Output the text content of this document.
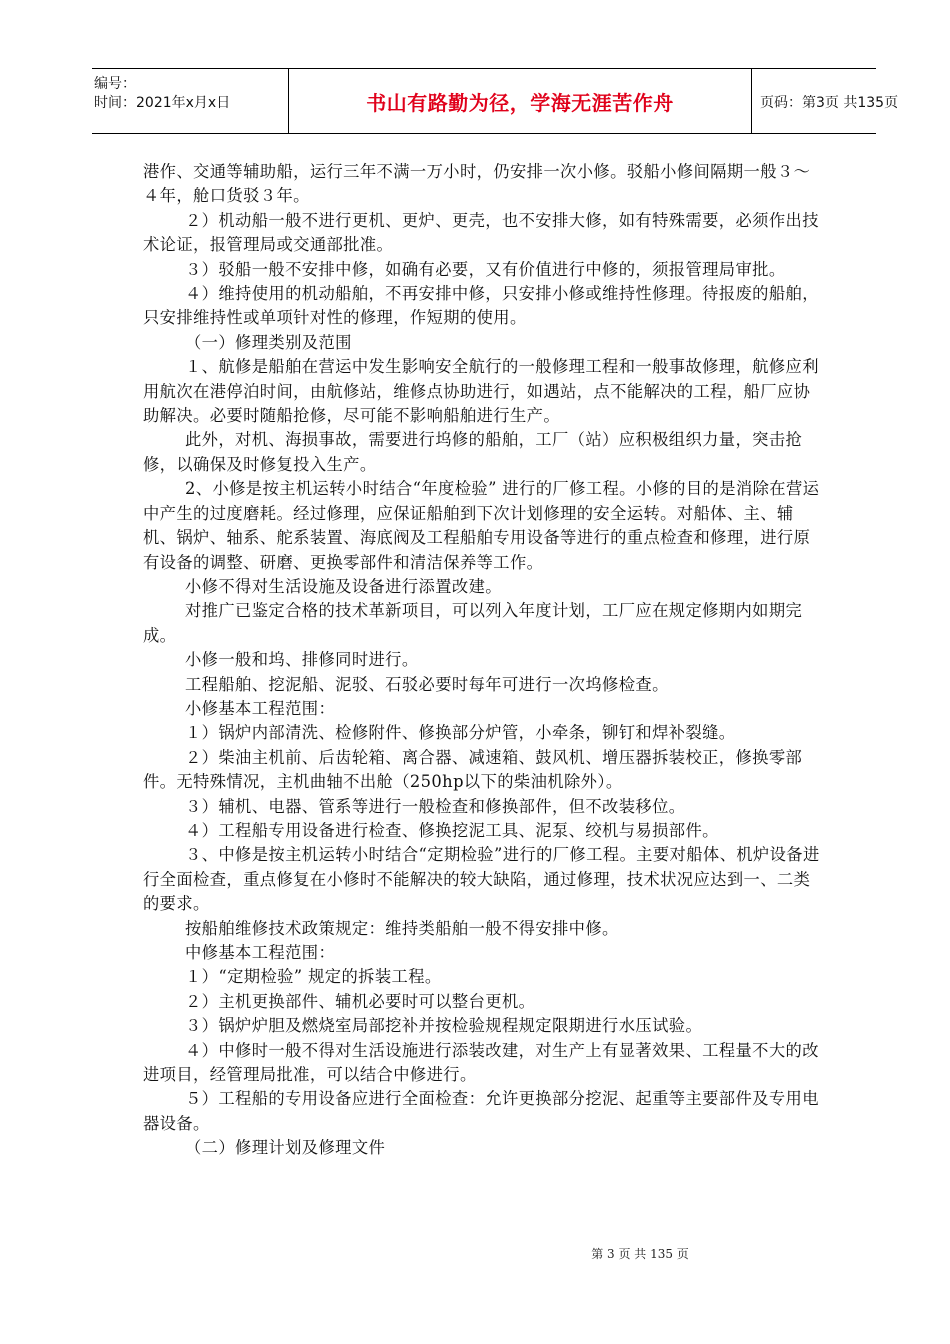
编号：
时间：2021年x月x日	书山有路勤为径，学海无涯苦作舟	页码：第3页 共135页

港作、交通等辅助船，运行三年不满一万小时，仍安排一次小修。驳船小修间隔期一般３～４年，舱口货驳３年。

２）机动船一般不进行更机、更炉、更壳，也不安排大修，如有特殊需要，必须作出技术论证，报管理局或交通部批准。

３）驳船一般不安排中修，如确有必要，又有价值进行中修的，须报管理局审批。

４）维持使用的机动船舶，不再安排中修，只安排小修或维持性修理。待报废的船舶，只安排维持性或单项针对性的修理，作短期的使用。

（一）修理类别及范围

１、航修是船舶在营运中发生影响安全航行的一般修理工程和一般事故修理，航修应利用航次在港停泊时间，由航修站，维修点协助进行，如遇站，点不能解决的工程，船厂应协助解决。必要时随船抢修，尽可能不影响船舶进行生产。

此外，对机、海损事故，需要进行坞修的船舶，工厂（站）应积极组织力量，突击抢修，以确保及时修复投入生产。

2、小修是按主机运转小时结合“年度检验” 进行的厂修工程。小修的目的是消除在营运中产生的过度磨耗。经过修理，应保证船舶到下次计划修理的安全运转。对船体、主、辅机、锅炉、轴系、舵系装置、海底阀及工程船舶专用设备等进行的重点检查和修理，进行原有设备的调整、研磨、更换零部件和清洁保养等工作。

小修不得对生活设施及设备进行添置改建。

对推广已鉴定合格的技术革新项目，可以列入年度计划，工厂应在规定修期内如期完成。

小修一般和坞、排修同时进行。

工程船舶、挖泥船、泥驳、石驳必要时每年可进行一次坞修检查。

小修基本工程范围：

１）锅炉内部清洗、检修附件、修换部分炉管，小牵条，铆钉和焊补裂缝。

２）柴油主机前、后齿轮箱、离合器、减速箱、鼓风机、增压器拆装校正，修换零部件。无特殊情况，主机曲轴不出舱（250hp以下的柴油机除外）。

３）辅机、电器、管系等进行一般检查和修换部件，但不改装移位。

４）工程船专用设备进行检查、修换挖泥工具、泥泵、绞机与易损部件。

３、中修是按主机运转小时结合“定期检验”进行的厂修工程。主要对船体、机炉设备进行全面检查，重点修复在小修时不能解决的较大缺陷，通过修理，技术状况应达到一、二类的要求。

按船舶维修技术政策规定：维持类船舶一般不得安排中修。

中修基本工程范围：

１）“定期检验” 规定的拆装工程。

２）主机更换部件、辅机必要时可以整台更机。

３）锅炉炉胆及燃烧室局部挖补并按检验规程规定限期进行水压试验。

４）中修时一般不得对生活设施进行添装改建，对生产上有显著效果、工程量不大的改进项目，经管理局批准，可以结合中修进行。

５）工程船的专用设备应进行全面检查：允许更换部分挖泥、起重等主要部件及专用电器设备。

（二）修理计划及修理文件

第 3 页 共 135 页
